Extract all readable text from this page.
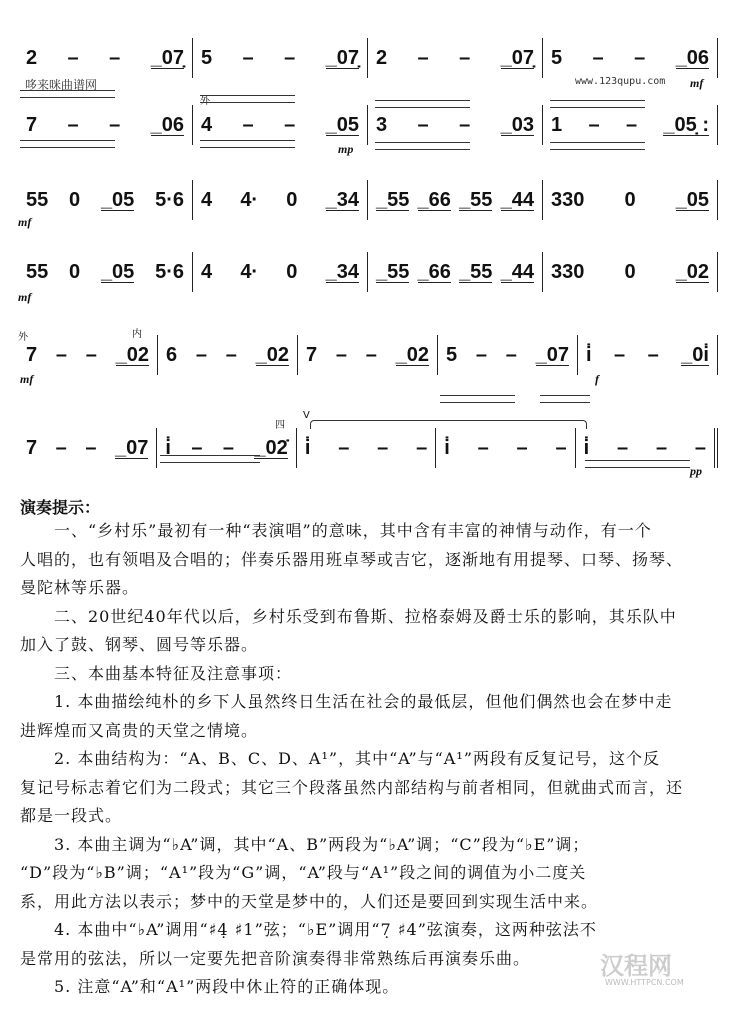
2 – – _07̣ 5 – – _07̣ 2 – – _07̣ 5 – – _06
7 – – _06 4 – – _05 3 – – _03 1 – – _05̣ :
55 0 _05 5·6 4 4· 0 _34 _55 _66 _55 _44 330 0 _05
55 0 _05 5·6 4 4· 0 _34 _55 _66 _55 _44 330 0 _02
7 – – _02 6 – – _02 7 – – _02 5 – – _07 i̇ – – _0i̇
7 – – _07 i̇ – – _02̇ i̇ – – – i̇ – – – i̇ – – –
哆来咪曲谱网	www.123qupu.com mf
mp
mf
mf
mf	f
pp
外
外	内
四
V
演奏提示：
一、“乡村乐”最初有一种“表演唱”的意味，其中含有丰富的神情与动作，有一个
人唱的，也有领唱及合唱的；伴奏乐器用班卓琴或吉它，逐渐地有用提琴、口琴、扬琴、
曼陀林等乐器。
二、20世纪40年代以后，乡村乐受到布鲁斯、拉格泰姆及爵士乐的影响，其乐队中
加入了鼓、钢琴、圆号等乐器。
三、本曲基本特征及注意事项：
1. 本曲描绘纯朴的乡下人虽然终日生活在社会的最低层，但他们偶然也会在梦中走
进辉煌而又高贵的天堂之情境。
2. 本曲结构为：“A、B、C、D、A¹”，其中“A”与“A¹”两段有反复记号，这个反
复记号标志着它们为二段式；其它三个段落虽然内部结构与前者相同，但就曲式而言，还
都是一段式。
3. 本曲主调为“♭A”调，其中“A、B”两段为“♭A”调；“C”段为“♭E”调；
“D”段为“♭B”调；“A¹”段为“G”调，“A”段与“A¹”段之间的调值为小二度关
系，用此方法以表示；梦中的天堂是梦中的，人们还是要回到实现生活中来。
4. 本曲中“♭A”调用“♯4̣ ♯1”弦；“♭E”调用“7̣ ♯4”弦演奏，这两种弦法不
是常用的弦法，所以一定要先把音阶演奏得非常熟练后再演奏乐曲。
5. 注意“A”和“A¹”两段中休止符的正确体现。
汉程网
WWW.HTTPCN.COM
